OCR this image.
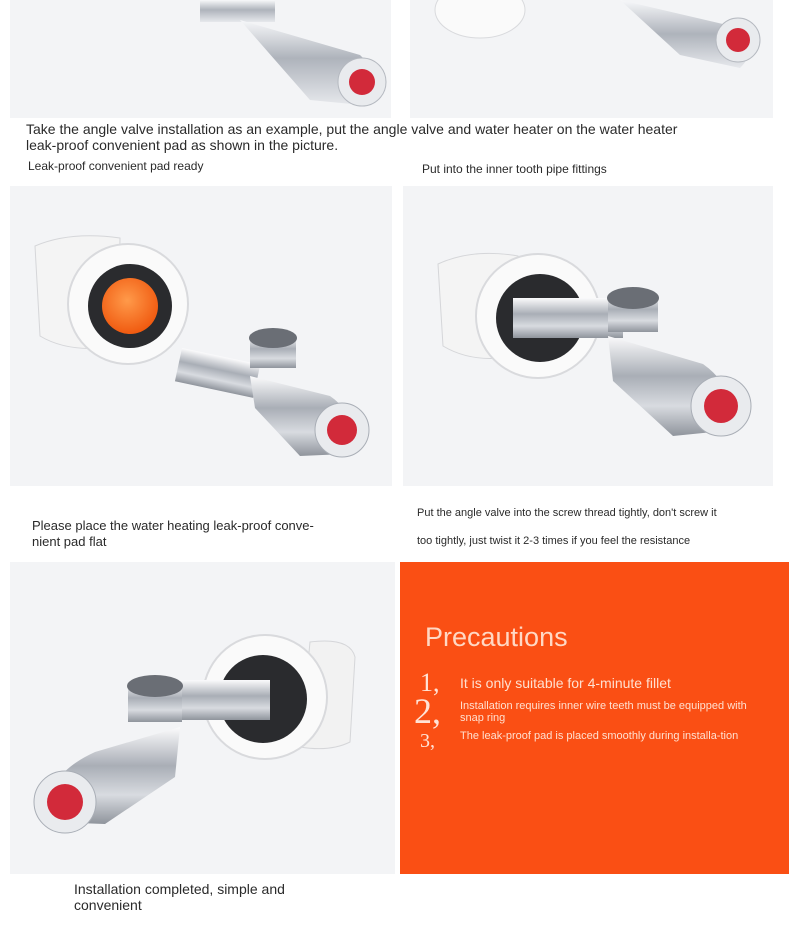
Take the angle valve installation as an example, put the angle valve and water heater on the water heater
leak-proof convenient pad as shown in the picture.
Leak-proof convenient pad ready	Put into the inner tooth pipe fittings
Please place the water heating leak-proof conve-
nient pad flat
Put the angle valve into the screw thread tightly, don't screw it
too tightly, just twist it 2-3 times if you feel the resistance
Precautions
1, It is only suitable for 4-minute fillet
2, Installation requires inner wire teeth must be equipped with snap ring
3, The leak-proof pad is placed smoothly during installa-tion
Installation completed, simple and
convenient
